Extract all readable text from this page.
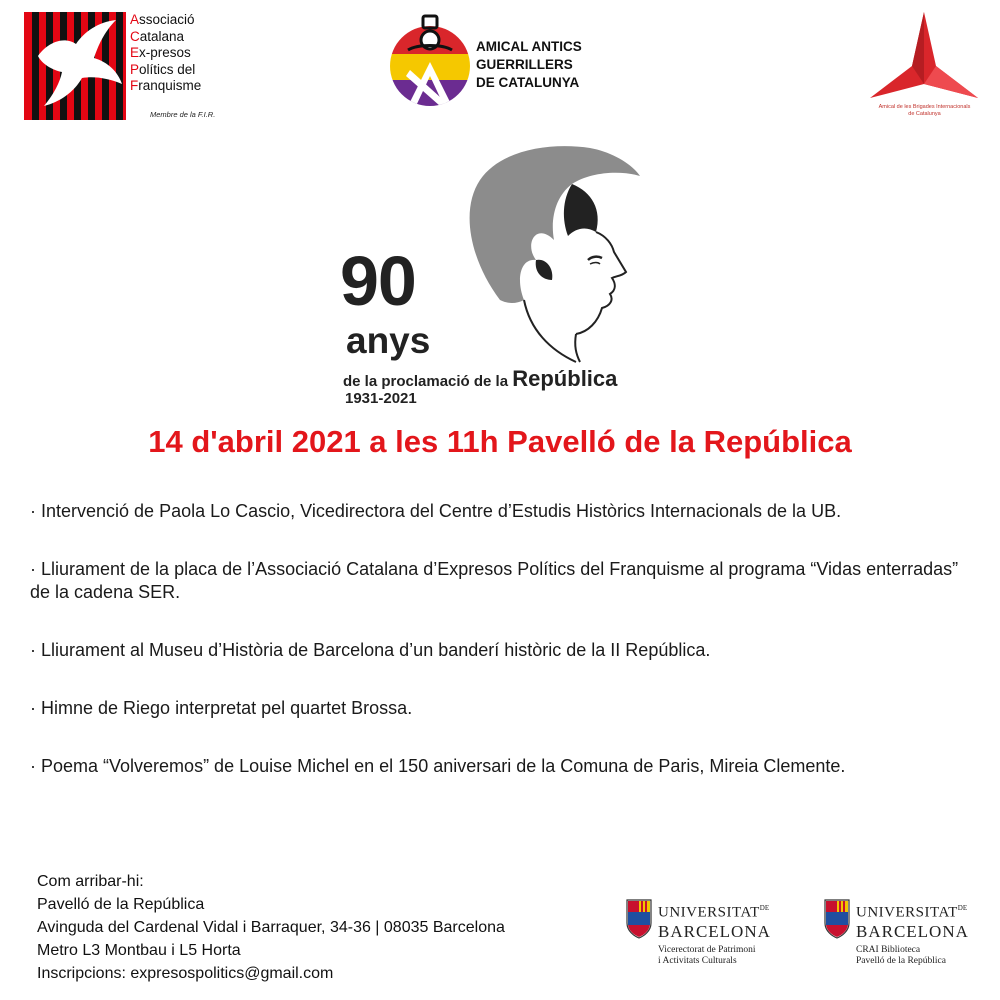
Associació
Catalana
Ex-presos
Polítics del
Franquisme
Membre de la F.I.R.
AMICAL ANTICS
GUERRILLERS
DE CATALUNYA
Amical de les Brigades Internacionals
de Catalunya
90
anys
de la proclamació de la República
1931-2021
14 d'abril 2021 a les 11h Pavelló de la República
· Intervenció de Paola Lo Cascio, Vicedirectora del Centre d’Estudis Històrics Internacionals de la UB.
· Lliurament de la placa de l’Associació Catalana d’Expresos Polítics del Franquisme al programa “Vidas enterradas” de la cadena SER.
· Lliurament al Museu d’Història de Barcelona d’un banderí històric de la II República.
· Himne de Riego interpretat pel quartet Brossa.
· Poema “Volveremos” de Louise Michel en el 150 aniversari de la Comuna de Paris, Mireia Clemente.
Com arribar-hi:
Pavelló de la República
Avinguda del Cardenal Vidal i Barraquer, 34-36 | 08035 Barcelona
Metro L3 Montbau i L5 Horta
Inscripcions: expresospolitics@gmail.com
$UNIVERSITAT^{DE}$
BARCELONA
Vicerectorat de Patrimoni
i Activitats Culturals
$UNIVERSITAT^{DE}$
BARCELONA
CRAI Biblioteca
Pavelló de la República
